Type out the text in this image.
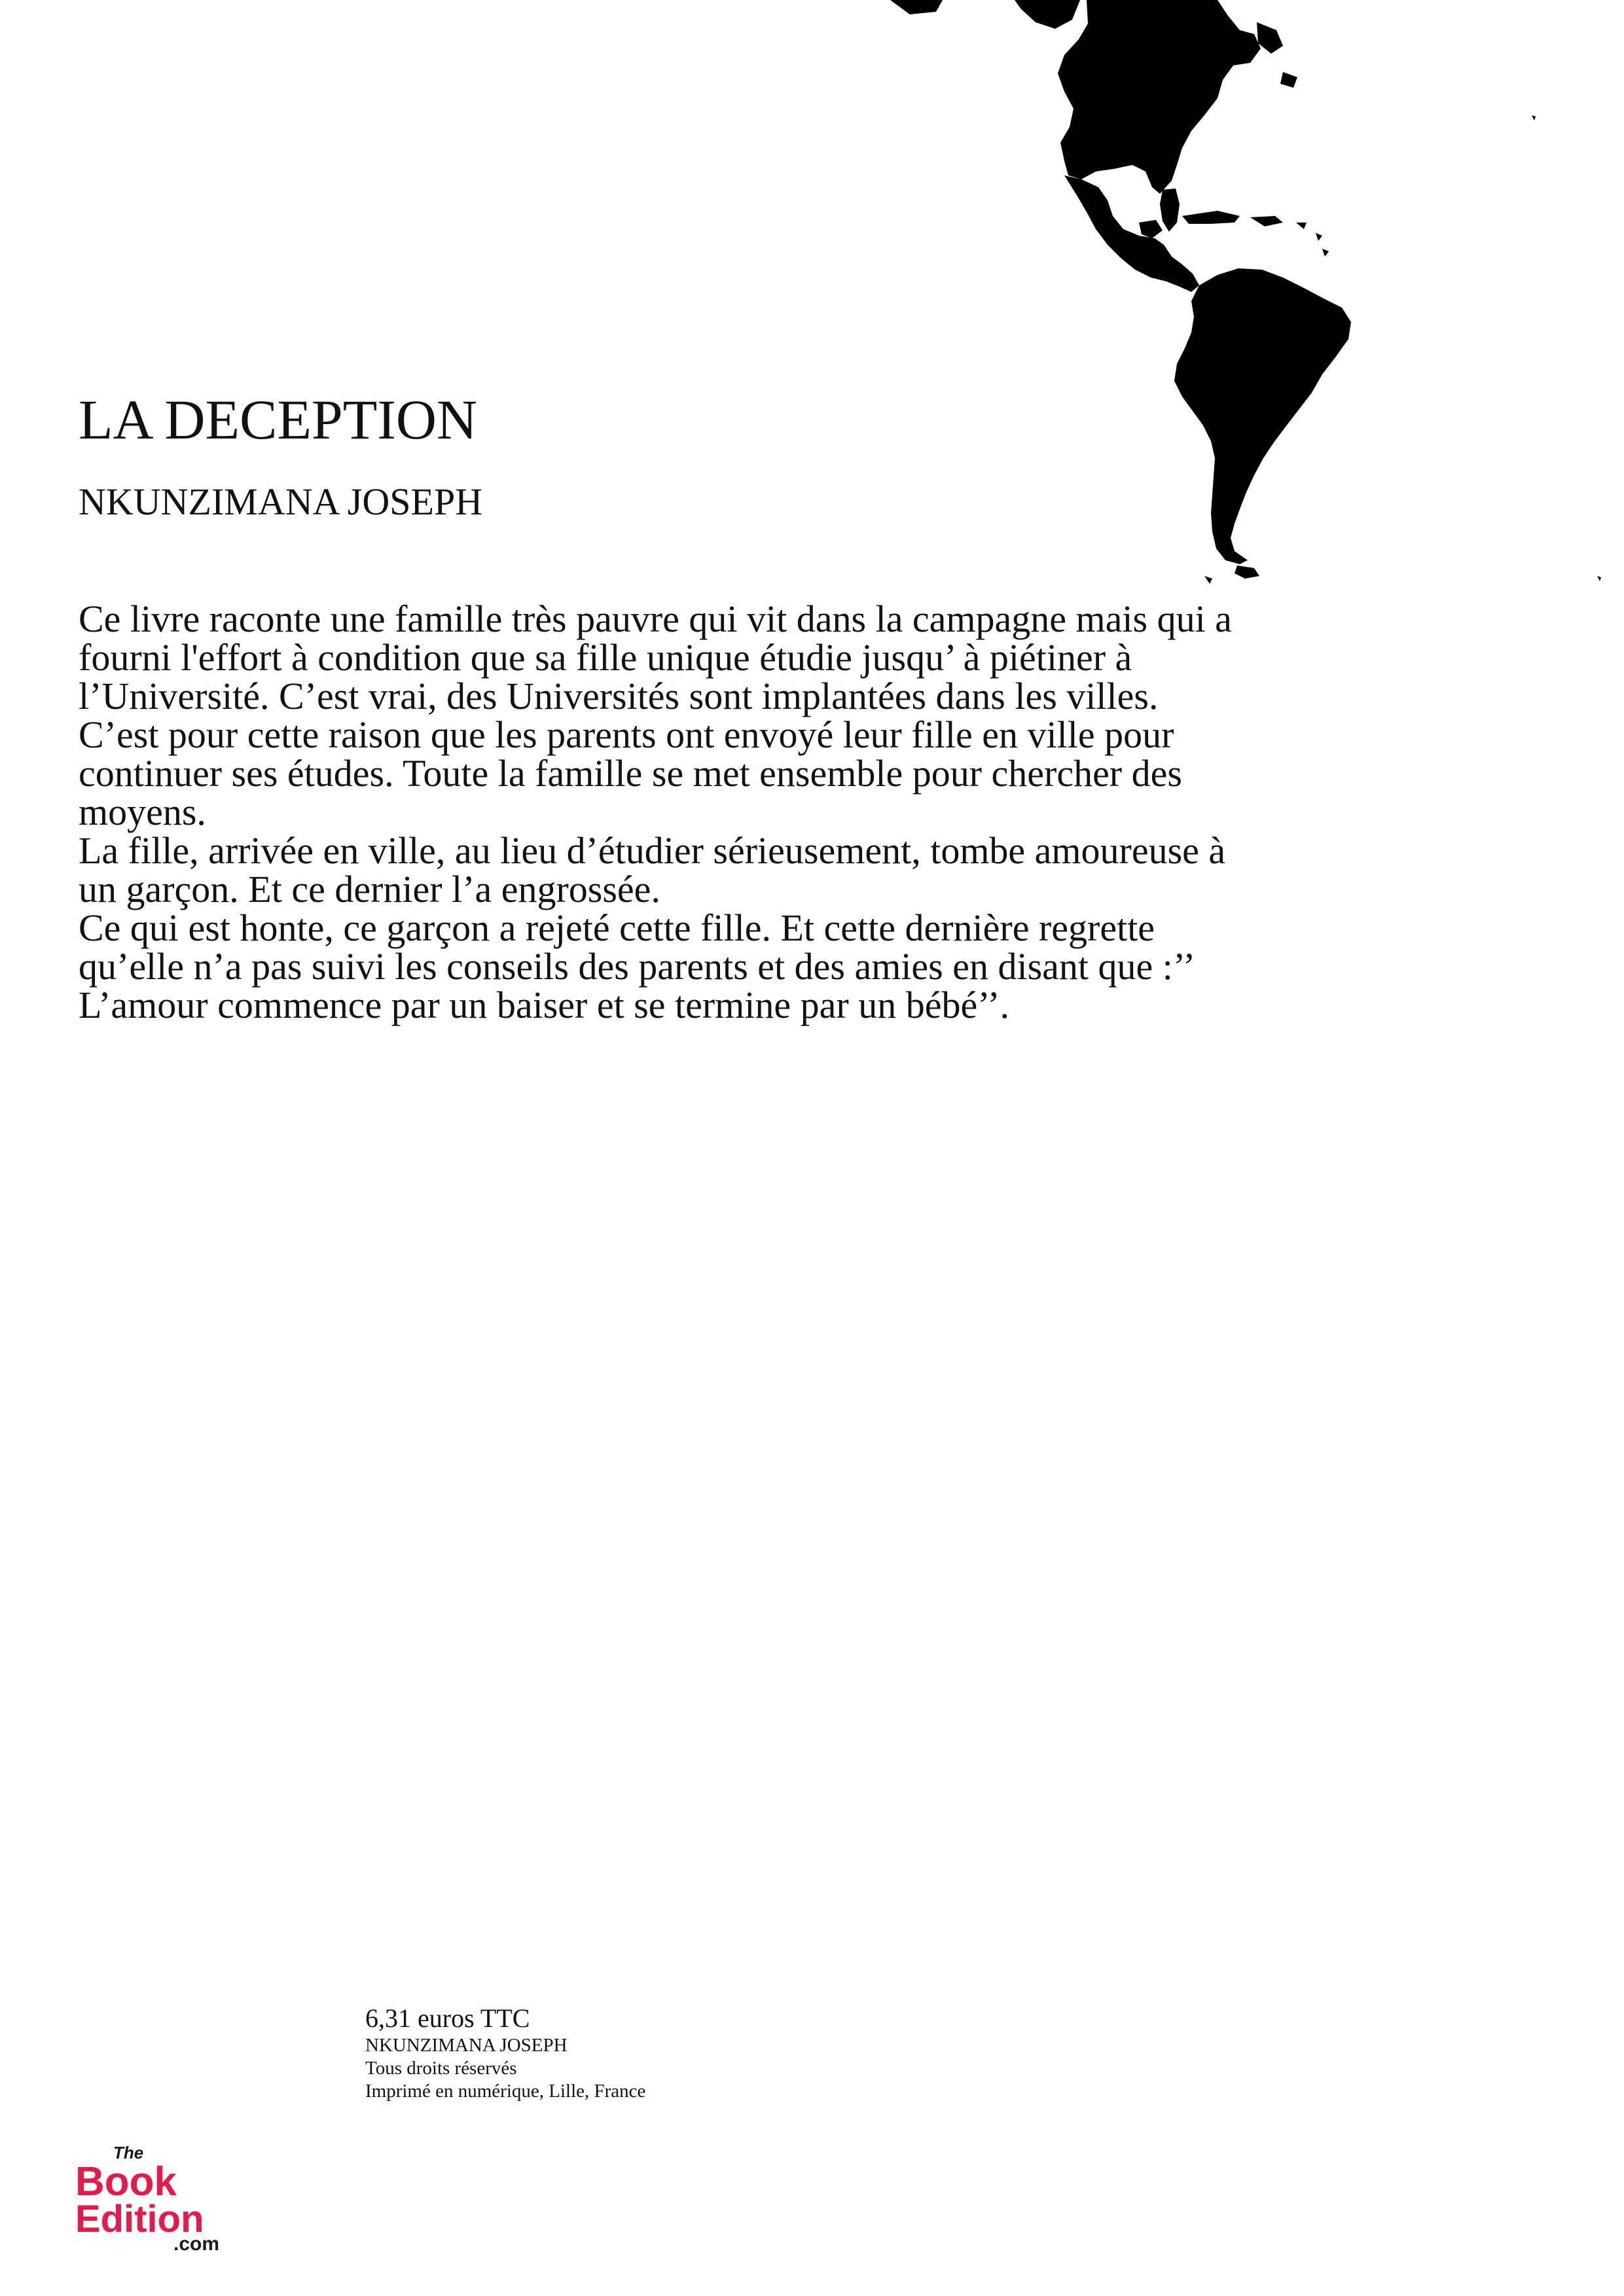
LA DECEPTION
NKUNZIMANA JOSEPH

Ce livre raconte une famille très pauvre qui vit dans la campagne mais qui a fourni l'effort à condition que sa fille unique étudie jusqu’ à piétiner à l’Université. C’est vrai, des Universités sont implantées dans les villes. C’est pour cette raison que les parents ont envoyé leur fille en ville pour continuer ses études. Toute la famille se met ensemble pour chercher des moyens.

La fille, arrivée en ville, au lieu d’étudier sérieusement, tombe amoureuse à un garçon. Et ce dernier l’a engrossée.

Ce qui est honte, ce garçon a rejeté cette fille. Et cette dernière regrette qu’elle n’a pas suivi les conseils des parents et des amies en disant que :’’ L’amour commence par un baiser et se termine par un bébé’’.

6,31 euros TTC
NKUNZIMANA JOSEPH
Tous droits réservés
Imprimé en numérique, Lille, France
The
Book
Edition
.com
